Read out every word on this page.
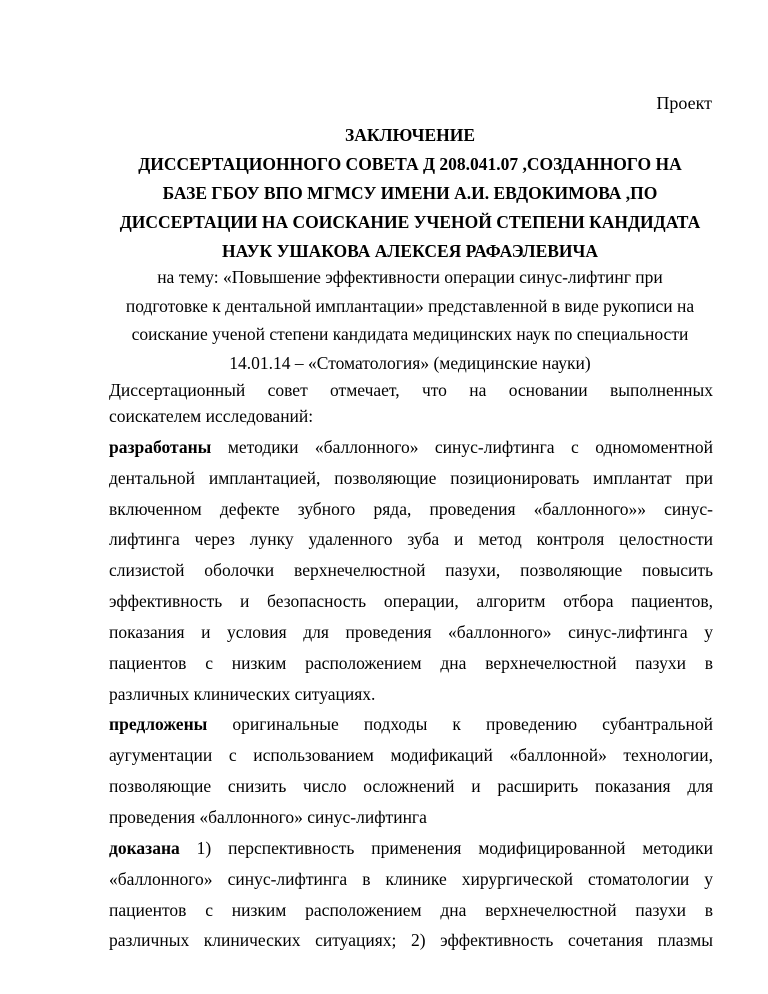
Проект
ЗАКЛЮЧЕНИЕ
ДИССЕРТАЦИОННОГО СОВЕТА Д 208.041.07 ,СОЗДАННОГО НА
БАЗЕ ГБОУ ВПО МГМСУ ИМЕНИ А.И. ЕВДОКИМОВА ,ПО
ДИССЕРТАЦИИ НА СОИСКАНИЕ УЧЕНОЙ СТЕПЕНИ КАНДИДАТА
НАУК УШАКОВА АЛЕКСЕЯ РАФАЭЛЕВИЧА
на тему: «Повышение эффективности операции синус-лифтинг при
подготовке к дентальной имплантации» представленной в виде рукописи на
соискание ученой степени кандидата медицинских наук по специальности
14.01.14 – «Стоматология» (медицинские науки)
Диссертационный совет отмечает, что на основании выполненных
соискателем исследований:
разработаны методики «баллонного» синус-лифтинга с одномоментной
дентальной имплантацией, позволяющие позиционировать имплантат при
включенном дефекте зубного ряда, проведения «баллонного»» синус-
лифтинга через лунку удаленного зуба и метод контроля целостности
слизистой оболочки верхнечелюстной пазухи, позволяющие повысить
эффективность и безопасность операции, алгоритм отбора пациентов,
показания и условия для проведения «баллонного» синус-лифтинга у
пациентов с низким расположением дна верхнечелюстной пазухи в
различных клинических ситуациях.
предложены оригинальные подходы к проведению субантральной
аугументации с использованием модификаций «баллонной» технологии,
позволяющие снизить число осложнений и расширить показания для
проведения «баллонного» синус-лифтинга
доказана 1) перспективность применения модифицированной методики
«баллонного» синус-лифтинга в клинике хирургической стоматологии у
пациентов с низким расположением дна верхнечелюстной пазухи в
различных клинических ситуациях; 2) эффективность сочетания плазмы
